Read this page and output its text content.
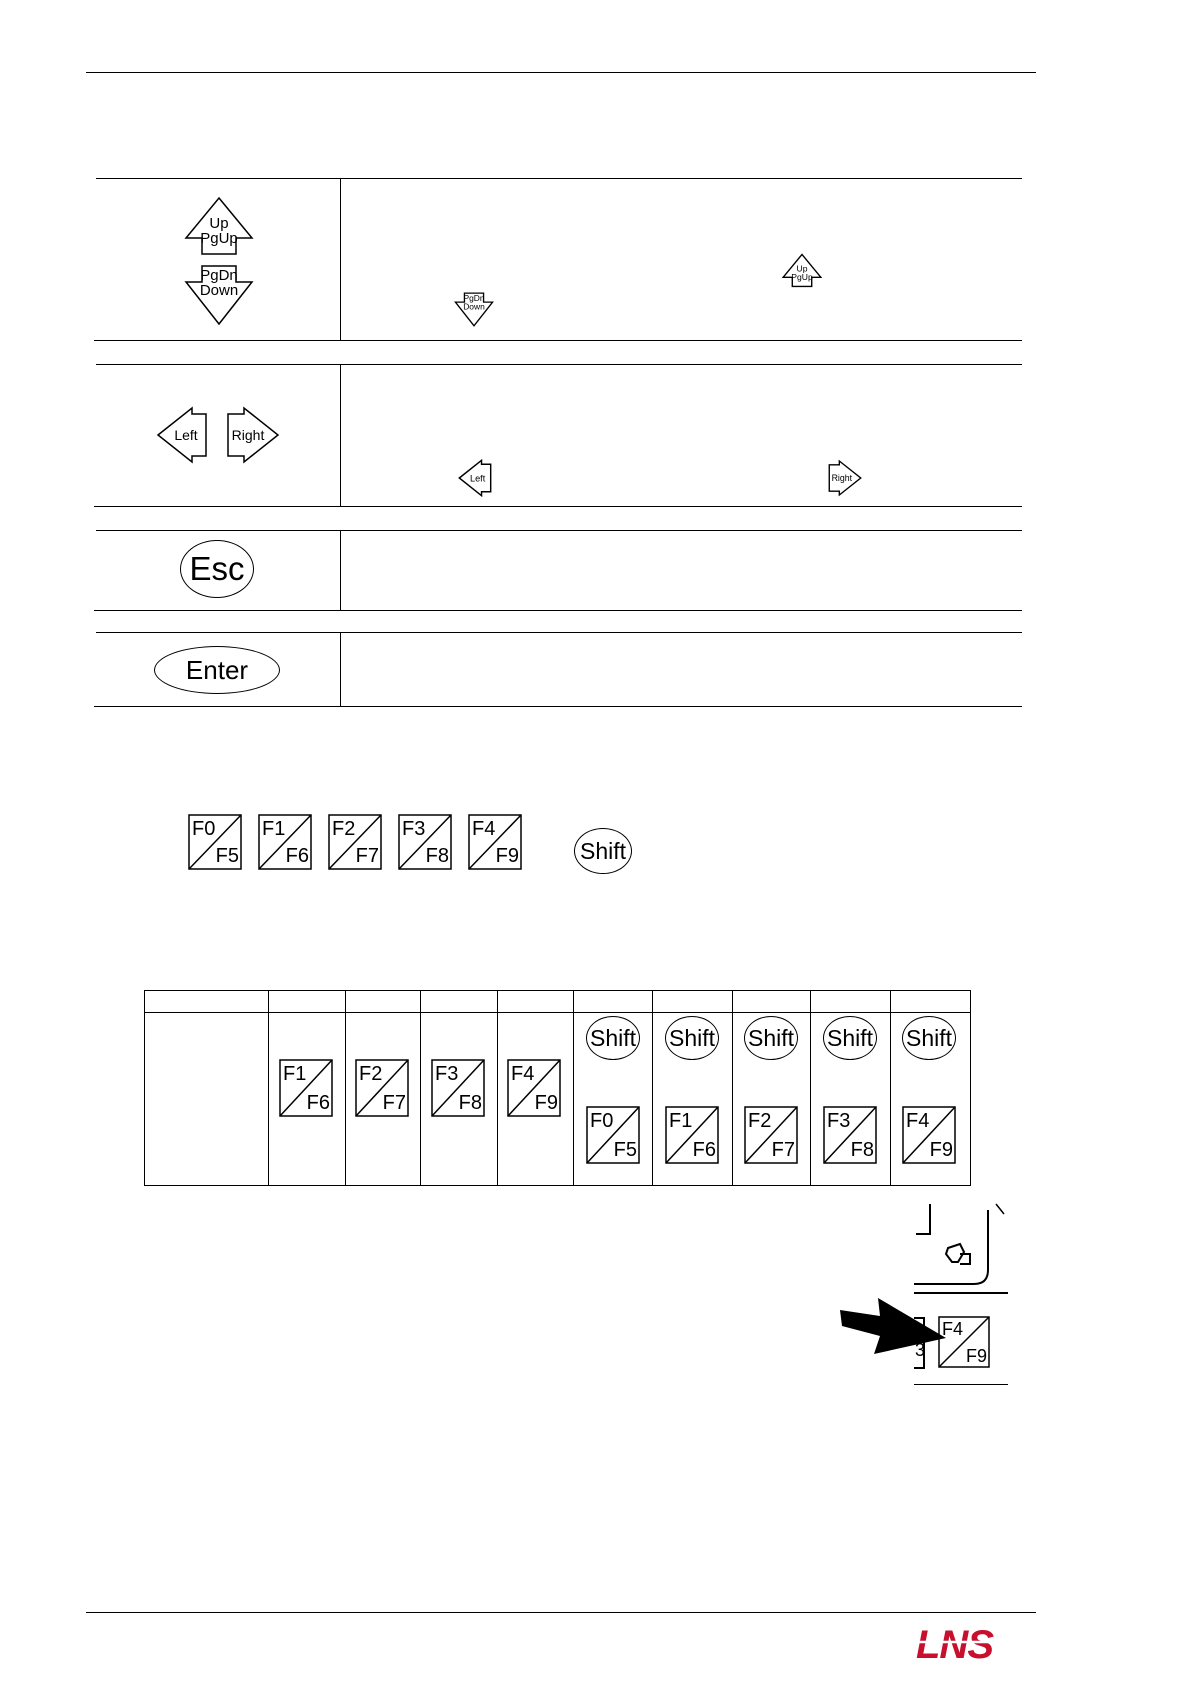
Up
PgUp
PgDn
Down
Up
PgUp
PgDn
Down
Left Right
Left	Right
Esc
Enter
F0
F5
F1
F6
F2
F7
F3
F8
F4
F9	Shift
F1
F6
F2
F7
F3
F8
F4
F9
Shift Shift Shift Shift Shift
F0
F5
F1
F6
F2
F7
F3
F8
F4
F9
3
F4
F9
LNS
